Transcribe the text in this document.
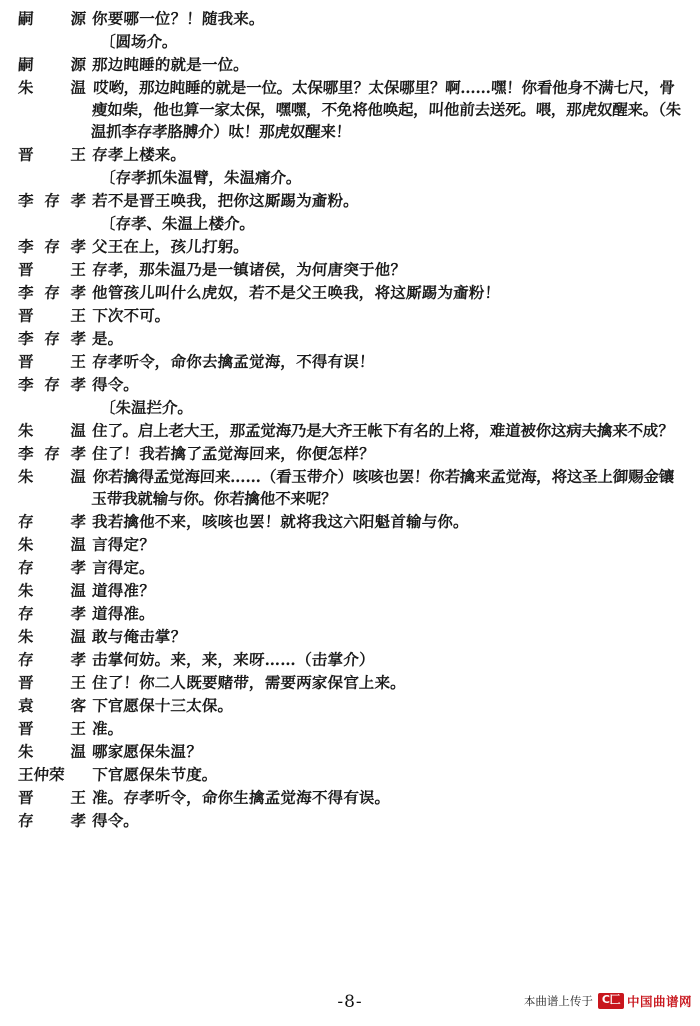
嗣源 你要哪一位？！随我来。
〔圆场介。
嗣源 那边盹睡的就是一位。
朱温 哎哟，那边盹睡的就是一位。太保哪里？太保哪里？啊……嘿！你看他身不满七尺，骨瘦如柴，他也算一家太保，嘿嘿，不免将他唤起，叫他前去送死。喂，那虎奴醒来。（朱温抓李存孝胳膊介）呔！那虎奴醒来！
晋王 存孝上楼来。
〔存孝抓朱温臂，朱温痛介。
李存孝 若不是晋王唤我，把你这厮踢为齑粉。
〔存孝、朱温上楼介。
李存孝 父王在上，孩儿打躬。
晋王 存孝，那朱温乃是一镇诸侯，为何唐突于他？
李存孝 他管孩儿叫什么虎奴，若不是父王唤我，将这厮踢为齑粉！
晋王 下次不可。
李存孝 是。
晋王 存孝听令，命你去擒孟觉海，不得有误！
李存孝 得令。
〔朱温拦介。
朱温 住了。启上老大王，那孟觉海乃是大齐王帐下有名的上将，难道被你这病夫擒来不成？
李存孝 住了！我若擒了孟觉海回来，你便怎样？
朱温 你若擒得孟觉海回来……（看玉带介）咳咳也罢！你若擒来孟觉海，将这圣上御赐金镶玉带我就输与你。你若擒他不来呢？
存孝 我若擒他不来，咳咳也罢！就将我这六阳魁首输与你。
朱温 言得定？
存孝 言得定。
朱温 道得准？
存孝 道得准。
朱温 敢与俺击掌？
存孝 击掌何妨。来，来，来呀……（击掌介）
晋王 住了！你二人既要赌带，需要两家保官上来。
袁客 下官愿保十三太保。
晋王 准。
朱温 哪家愿保朱温？
王仲荣	下官愿保朱节度。
晋王 准。存孝听令，命你生擒孟觉海不得有误。
存孝 得令。
-8-	本曲谱上传于 C匚 中国曲谱网
